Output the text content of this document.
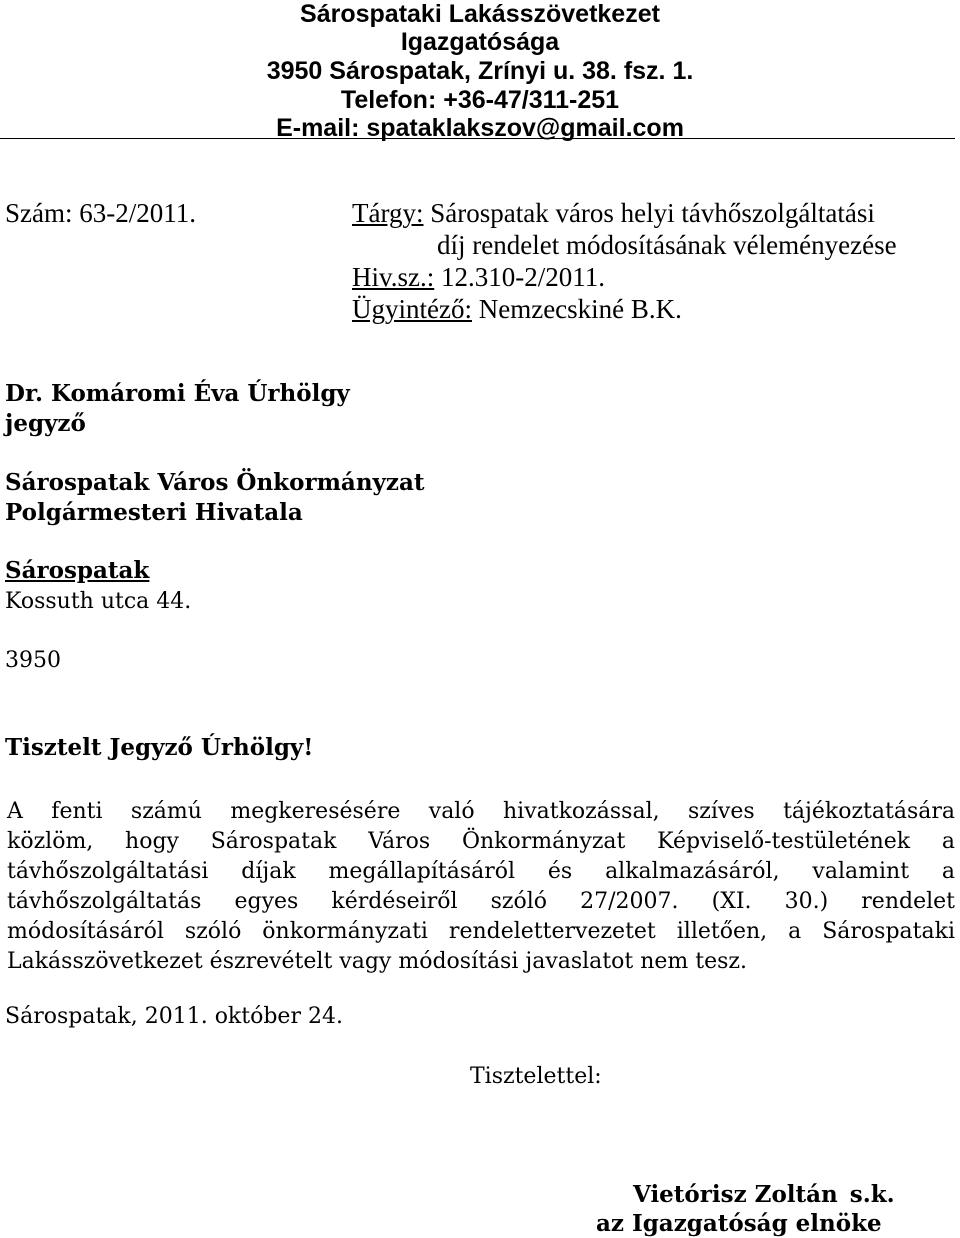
Sárospataki Lakásszövetkezet
Igazgatósága
3950 Sárospatak, Zrínyi u. 38. fsz. 1.
Telefon: +36-47/311-251
E-mail: spataklakszov@gmail.com
Szám: 63-2/2011.	Tárgy: Sárospatak város helyi távhőszolgáltatási
díj rendelet módosításának véleményezése
Hiv.sz.: 12.310-2/2011.
Ügyintéző: Nemzecskiné B.K.
Dr. Komáromi Éva Úrhölgy
jegyző
Sárospatak Város Önkormányzat
Polgármesteri Hivatala
Sárospatak
Kossuth utca 44.
3950
Tisztelt Jegyző Úrhölgy!
A fenti számú megkeresésére való hivatkozással, szíves tájékoztatására
közlöm, hogy Sárospatak Város Önkormányzat Képviselő-testületének a
távhőszolgáltatási díjak megállapításáról és alkalmazásáról, valamint a
távhőszolgáltatás egyes kérdéseiről szóló 27/2007. (XI. 30.) rendelet
módosításáról szóló önkormányzati rendelettervezetet illetően, a Sárospataki
Lakásszövetkezet észrevételt vagy módosítási javaslatot nem tesz.
Sárospatak, 2011. október 24.
Tisztelettel:
Vietórisz Zoltán s.k.
az Igazgatóság elnöke
